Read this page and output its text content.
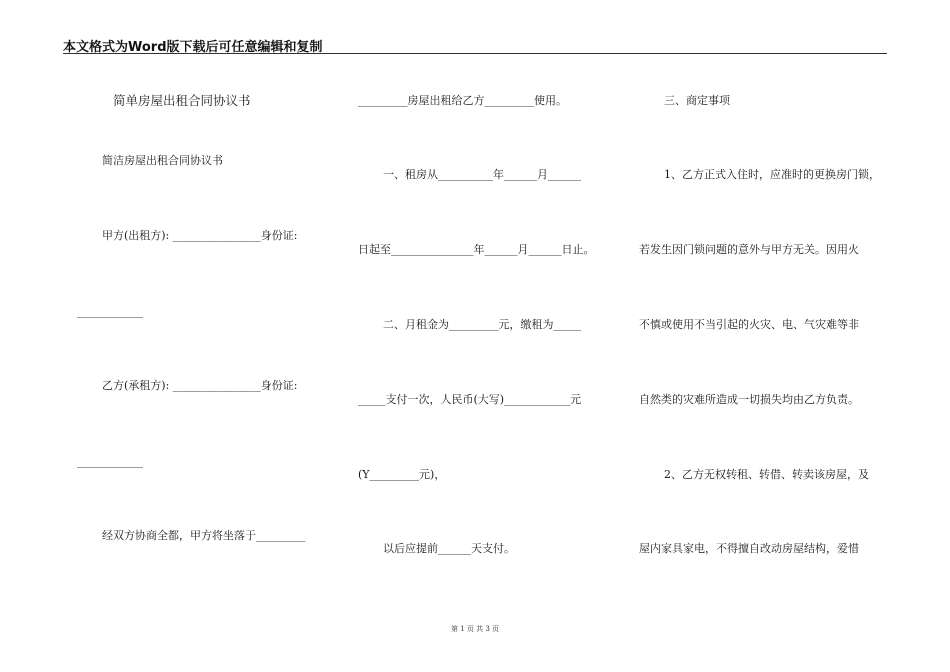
本文格式为Word版下载后可任意编辑和复制
简单房屋出租合同协议书
简洁房屋出租合同协议书
甲方(出租方): ________________身份证:
____________
乙方(承租方): ________________身份证:
____________
经双方协商全都，甲方将坐落于_________
_________房屋出租给乙方_________使用。
一、租房从__________年______月______
日起至_______________年______月______日止。
二、月租金为_________元，缴租为_____
_____支付一次，人民币(大写)____________元
(Y_________元)，
以后应提前______天支付。
三、商定事项
1、乙方正式入住时，应准时的更换房门锁，
若发生因门锁问题的意外与甲方无关。因用火
不慎或使用不当引起的火灾、电、气灾难等非
自然类的灾难所造成一切损失均由乙方负责。
2、乙方无权转租、转借、转卖该房屋，及
屋内家具家电，不得擅自改动房屋结构，爱惜
第 1 页 共 3 页
